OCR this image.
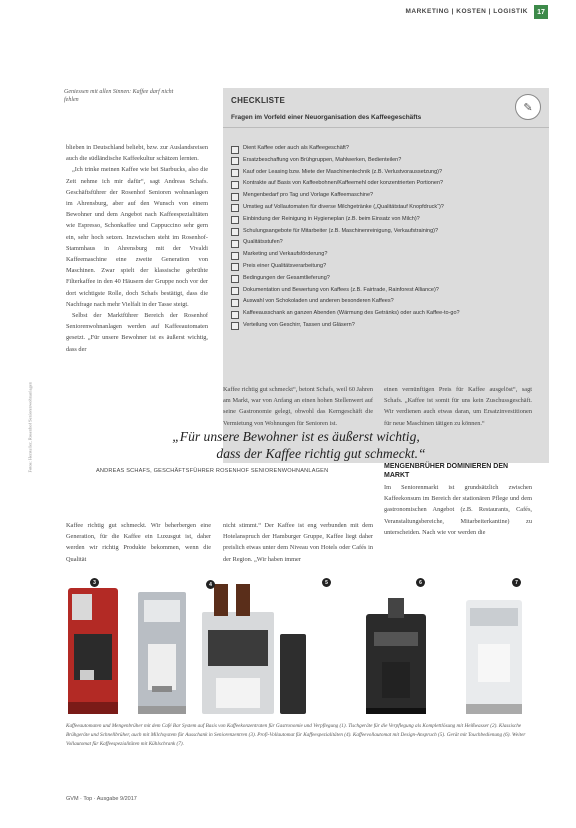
MARKETING | KOSTEN | LOGISTIK	17
Geniessen mit allen Sinnen: Kaffee darf nicht fehlen
Fotos: Hersteller, Rosenhof Seniorenwohnanlagen

blieben in Deutschland beliebt, bzw. zur Auslandsreisen auch die südländische Kaffeekultur schätzen lernten.

„Ich trinke meinen Kaffee wie bei Starbucks, also die Zeit nehme ich mir dafür“, sagt Andreas Schafs. Geschäftsführer der Rosenhof Senioren wohnanlagen im Ahrensburg, aber auf den Wunsch von einem Bewohner und dem Angebot nach Kaffeespezialitäten wie Espresso, Schonkaffee und Cappuccino sehr gern ein, sehr hoch setzen. Inzwischen steht im Rosenhof-Stammhaus in Ahrensburg mit der Vivaldi Kaffeemaschine eine zweite Generation von Maschinen. Zwar spielt der klassische gebrühte Filterkaffee in den 40 Häusern der Gruppe noch vor der dort wichtigste Rolle, doch Schafs bestätigt, dass die Nachfrage nach mehr Vielfalt in der Tasse steigt.

Selbst der Marktführer Bereich der Rosenhof Seniorenwohnanlagen werden auf Kaffeeautomaten gesetzt. „Für unsere Bewohner ist es äußerst wichtig, dass der

CHECKLISTE
Fragen im Vorfeld einer Neuorganisation des Kaffeegeschäfts
✎
Dient Kaffee oder auch als Kaffeegeschäft?
Ersatzbeschaffung von Brühgruppen, Mahlwerken, Bedienteilen?
Kauf oder Leasing bzw. Miete der Maschinentechnik (z.B. Verlustvoraussetzung)?
Kontrakte auf Basis von Kaffeebohnen/Kaffeemehl oder konzentrierten Portionen?
Mengenbedarf pro Tag und Vorlage Kaffeemaschine?
Umstieg auf Vollautomaten für diverse Milchgetränke („Qualitätstauf Knopfdruck“)?
Einbindung der Reinigung in Hygieneplan (z.B. beim Einsatz von Milch)?
Schulungsangebote für Mitarbeiter (z.B. Maschinenreinigung, Verkaufstraining)?
Qualitätsstufen?
Marketing und Verkaufsförderung?
Preis einer Qualitätsverarbeitung?
Bedingungen der Gesamtlieferung?
Dokumentation und Bewertung von Kaffees (z.B. Fairtrade, Rainforest Alliance)?
Auswahl von Schokoladen und anderen besonderen Kaffees?
Kaffeeausschank an ganzen Abenden (Wärmung des Getränks) oder auch Kaffee-to-go?
Verteilung von Geschirr, Tassen und Gläsern?
Kaffee richtig gut schmeckt“, betont Schafs, weil 60 Jahren am Markt, war von Anfang an einen hohen Stellenwert auf seine Gastronomie gelegt, obwohl das Kerngeschäft die Vermietung von Wohnungen für Senioren ist.
einen vernünftigen Preis für Kaffee ausgelöst“, sagt Schafs. „Kaffee ist somit für uns kein Zuschussgeschäft. Wir verdienen auch etwas daran, um Ersatzinvestitionen für neue Maschinen tätigen zu können.“
„Für unsere Bewohner ist es äußerst wichtig,
dass der Kaffee richtig gut schmeckt.“
ANDREAS SCHAFS, GESCHÄFTSFÜHRER ROSENHOF SENIORENWOHNANLAGEN
Kaffee richtig gut schmeckt. Wir beherbergen eine Generation, für die Kaffee ein Luxusgut ist, daher werden wir richtig Produkte bekommen, wenn die Qualität
nicht stimmt.“ Der Kaffee ist eng verbunden mit dem Hotelanspruch der Hamburger Gruppe, Kaffee liegt daher preislich etwas unter dem Niveau von Hotels oder Cafés in der Region. „Wir haben immer
MENGENBRÜHER DOMINIEREN DEN MARKT
Im Seniorenmarkt ist grundsätzlich zwischen Kaffeekonsum im Bereich der stationären Pflege und dem gastronomischen Angebot (z.B. Restaurants, Cafés, Veranstaltungsbereiche, Mitarbeiterkantine) zu unterscheiden. Nach wie vor werden die
3	4	5	6	7
Kaffeeautomaten und Mengenbrüher mit dem Café Bar System auf Basis von Kaffeekonzentraten für Gastronomie und Verpflegung (1). Tischgeräte für die Verpflegung als Komplettlösung mit Heißwasser (2). Klassische Brühgeräte und Schnellbrüher, auch mit Milchsystem für Ausschank in Seniorenzentren (3). Profi-Vollautomat für Kaffeespezialitäten (4). Kaffeevollautomat mit Design-Anspruch (5). Gerät mit Touchbedienung (6). Weiter Vollautomat für Kaffeespezialitäten mit Kühlschrank (7).
GVM · Top · Ausgabe 9/2017
